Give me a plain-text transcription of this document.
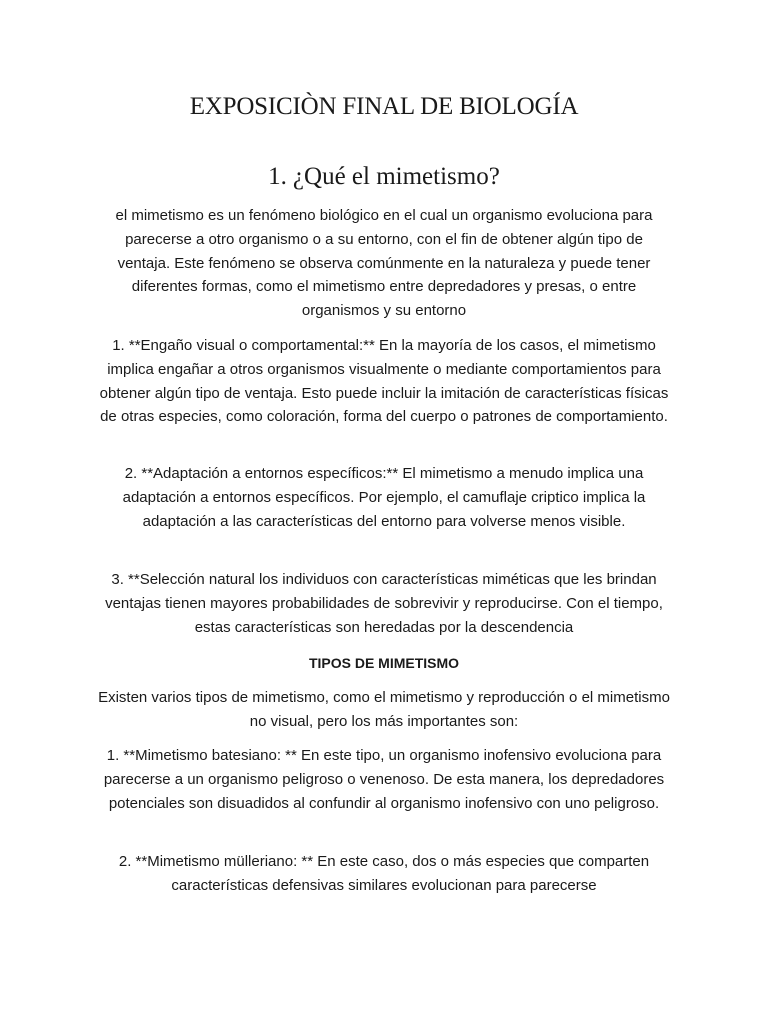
EXPOSICIÒN FINAL DE BIOLOGÍA
1. ¿Qué el mimetismo?

el mimetismo es un fenómeno biológico en el cual un organismo evoluciona para parecerse a otro organismo o a su entorno, con el fin de obtener algún tipo de ventaja. Este fenómeno se observa comúnmente en la naturaleza y puede tener diferentes formas, como el mimetismo entre depredadores y presas, o entre organismos y su entorno

1. **Engaño visual o comportamental:** En la mayoría de los casos, el mimetismo implica engañar a otros organismos visualmente o mediante comportamientos para obtener algún tipo de ventaja. Esto puede incluir la imitación de características físicas de otras especies, como coloración, forma del cuerpo o patrones de comportamiento.

2. **Adaptación a entornos específicos:** El mimetismo a menudo implica una adaptación a entornos específicos. Por ejemplo, el camuflaje criptico implica la adaptación a las características del entorno para volverse menos visible.

3. **Selección natural los individuos con características miméticas que les brindan ventajas tienen mayores probabilidades de sobrevivir y reproducirse. Con el tiempo, estas características son heredadas por la descendencia

TIPOS DE MIMETISMO

Existen varios tipos de mimetismo, como el mimetismo y reproducción o el mimetismo no visual, pero los más importantes son:

1. **Mimetismo batesiano: ** En este tipo, un organismo inofensivo evoluciona para parecerse a un organismo peligroso o venenoso. De esta manera, los depredadores potenciales son disuadidos al confundir al organismo inofensivo con uno peligroso.

2. **Mimetismo mülleriano: ** En este caso, dos o más especies que comparten características defensivas similares evolucionan para parecerse
